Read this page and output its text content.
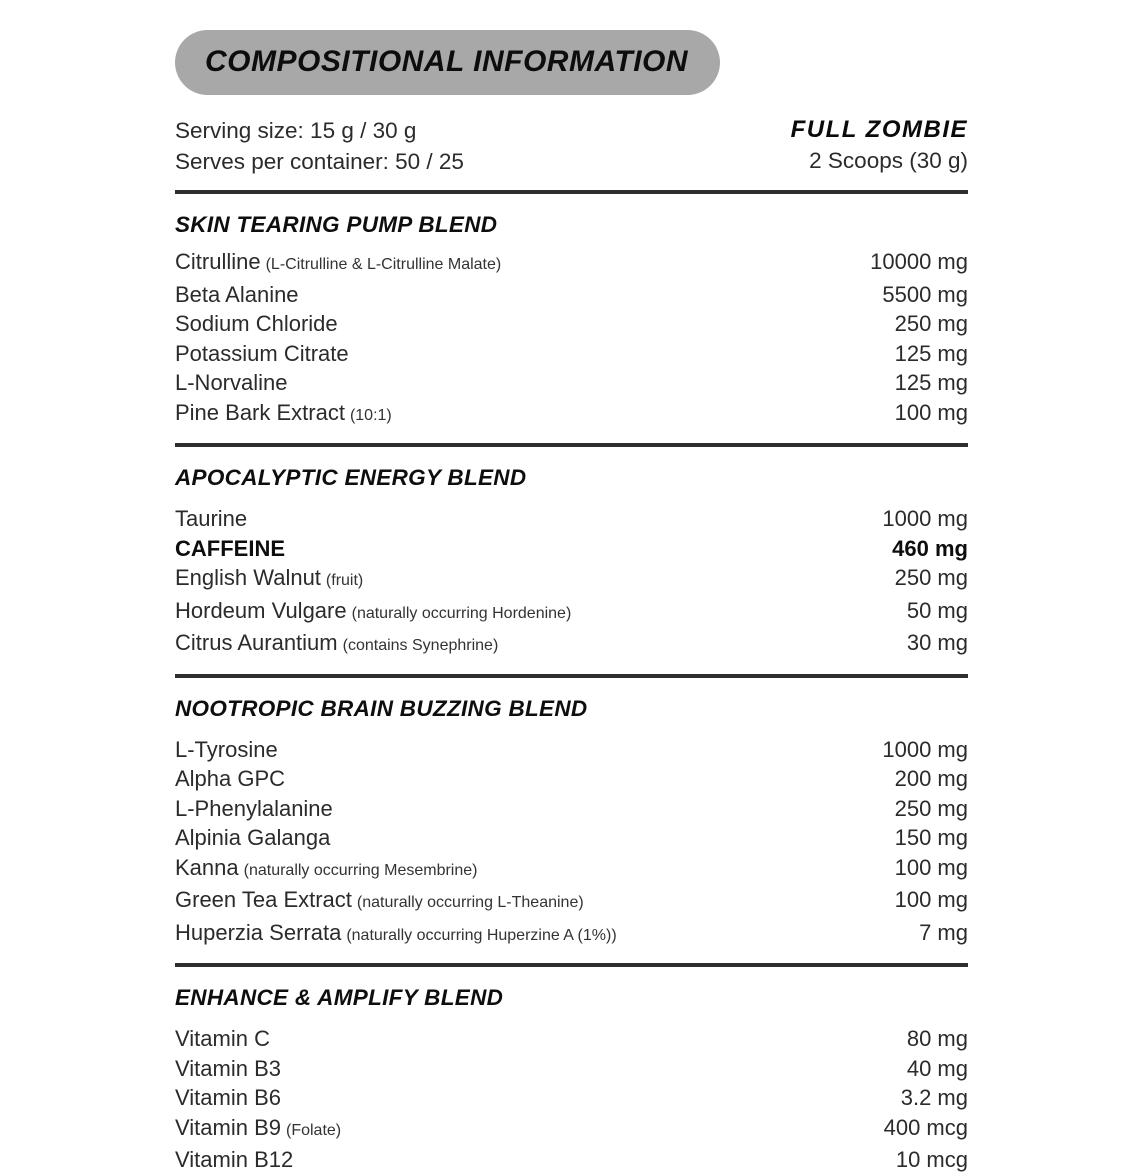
COMPOSITIONAL INFORMATION
Serving size: 15 g / 30 g
Serves per container: 50 / 25
FULL ZOMBIE
2 Scoops (30 g)
SKIN TEARING PUMP BLEND
Citrulline (L-Citrulline & L-Citrulline Malate)	10000 mg
Beta Alanine	5500 mg
Sodium Chloride	250 mg
Potassium Citrate	125 mg
L-Norvaline	125 mg
Pine Bark Extract (10:1)	100 mg
APOCALYPTIC ENERGY BLEND
Taurine	1000 mg
CAFFEINE	460 mg
English Walnut (fruit)	250 mg
Hordeum Vulgare (naturally occurring Hordenine)	50 mg
Citrus Aurantium (contains Synephrine)	30 mg
NOOTROPIC BRAIN BUZZING BLEND
L-Tyrosine	1000 mg
Alpha GPC	200 mg
L-Phenylalanine	250 mg
Alpinia Galanga	150 mg
Kanna (naturally occurring Mesembrine)	100 mg
Green Tea Extract (naturally occurring L-Theanine)	100 mg
Huperzia Serrata (naturally occurring Huperzine A (1%))	7 mg
ENHANCE & AMPLIFY BLEND
Vitamin C	80 mg
Vitamin B3	40 mg
Vitamin B6	3.2 mg
Vitamin B9 (Folate)	400 mcg
Vitamin B12	10 mcg
